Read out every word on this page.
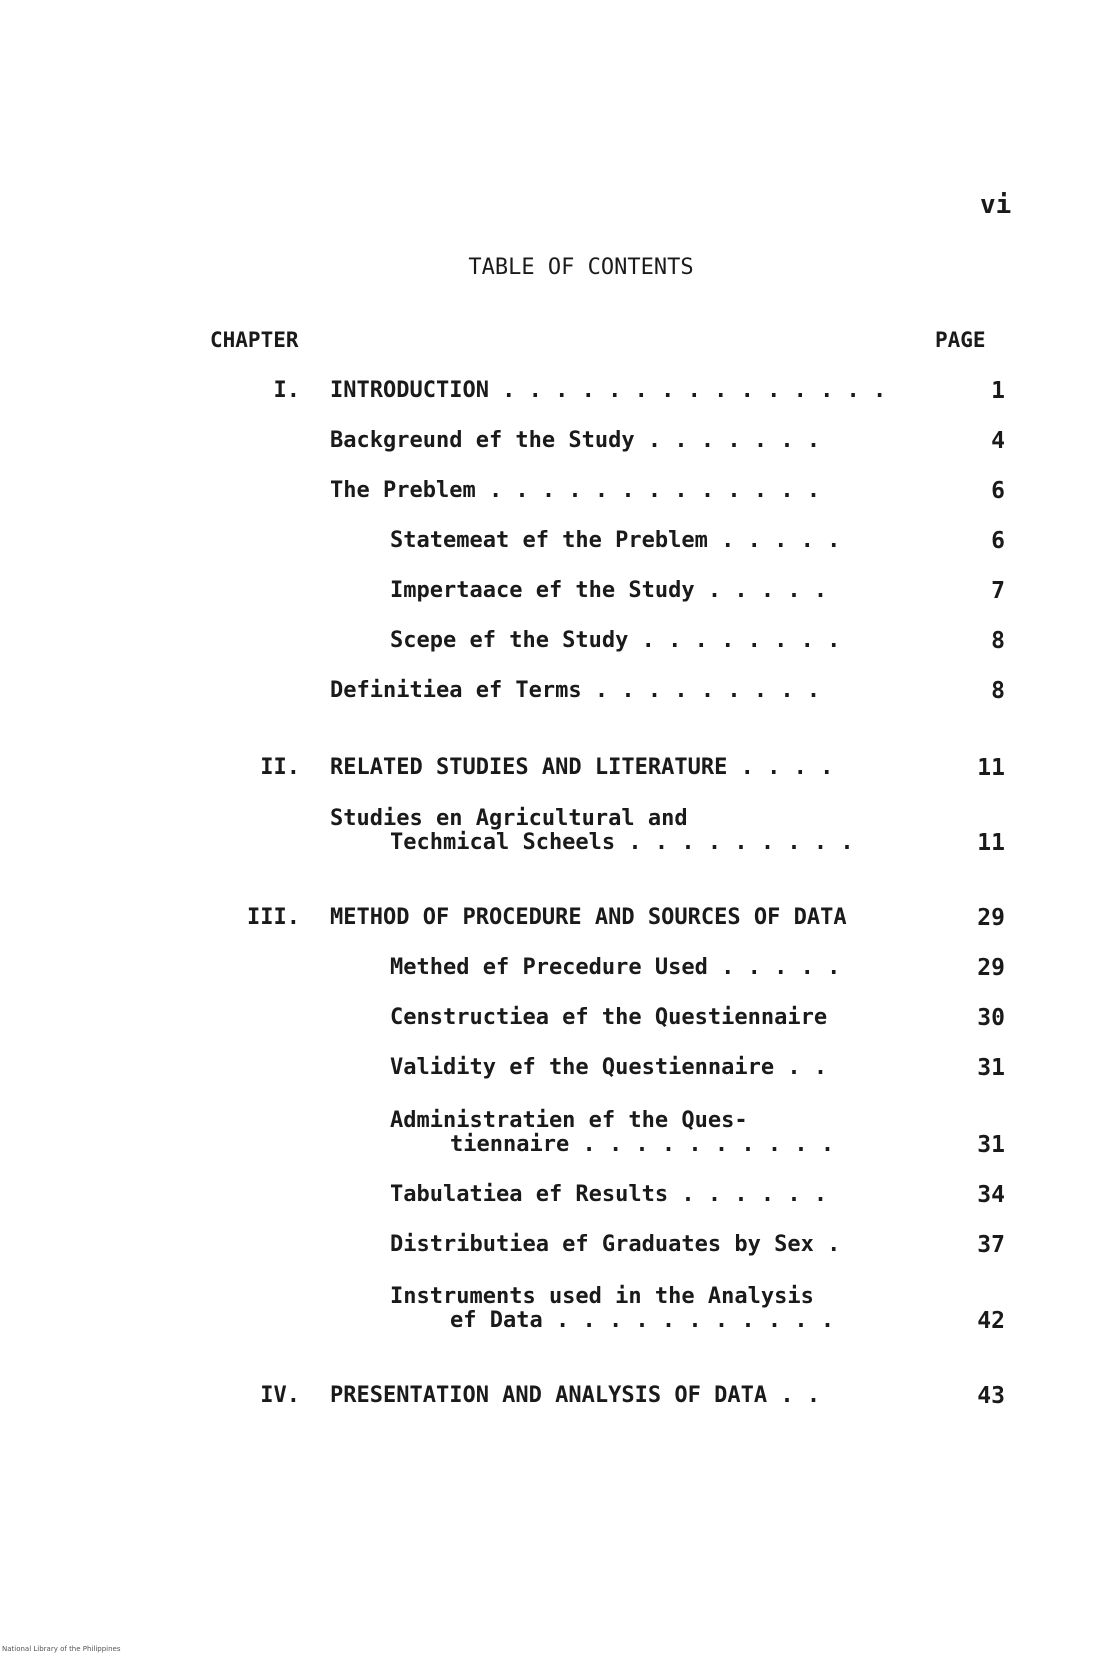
vi
TABLE OF CONTENTS
CHAPTER	PAGE
I. INTRODUCTION . . . . . . . . . . . . . . .	1
Backgreund ef the Study . . . . . . .	4
The Preblem . . . . . . . . . . . . .	6
Statemeat ef the Preblem . . . . .	6
Impertaace ef the Study . . . . .	7
Scepe ef the Study . . . . . . . .	8
Definitiea ef Terms . . . . . . . . .	8
II. RELATED STUDIES AND LITERATURE . . . .	11
Studies en Agricultural and
Techmical Scheels . . . . . . . . .	11
III. METHOD OF PROCEDURE AND SOURCES OF DATA	29
Methed ef Precedure Used . . . . .	29
Censtructiea ef the Questiennaire	30
Validity ef the Questiennaire . .	31
Administratien ef the Ques-
tiennaire . . . . . . . . . .	31
Tabulatiea ef Results . . . . . .	34
Distributiea ef Graduates by Sex .	37
Instruments used in the Analysis
ef Data . . . . . . . . . . .	42
IV. PRESENTATION AND ANALYSIS OF DATA . .	43
National Library of the Philippines
